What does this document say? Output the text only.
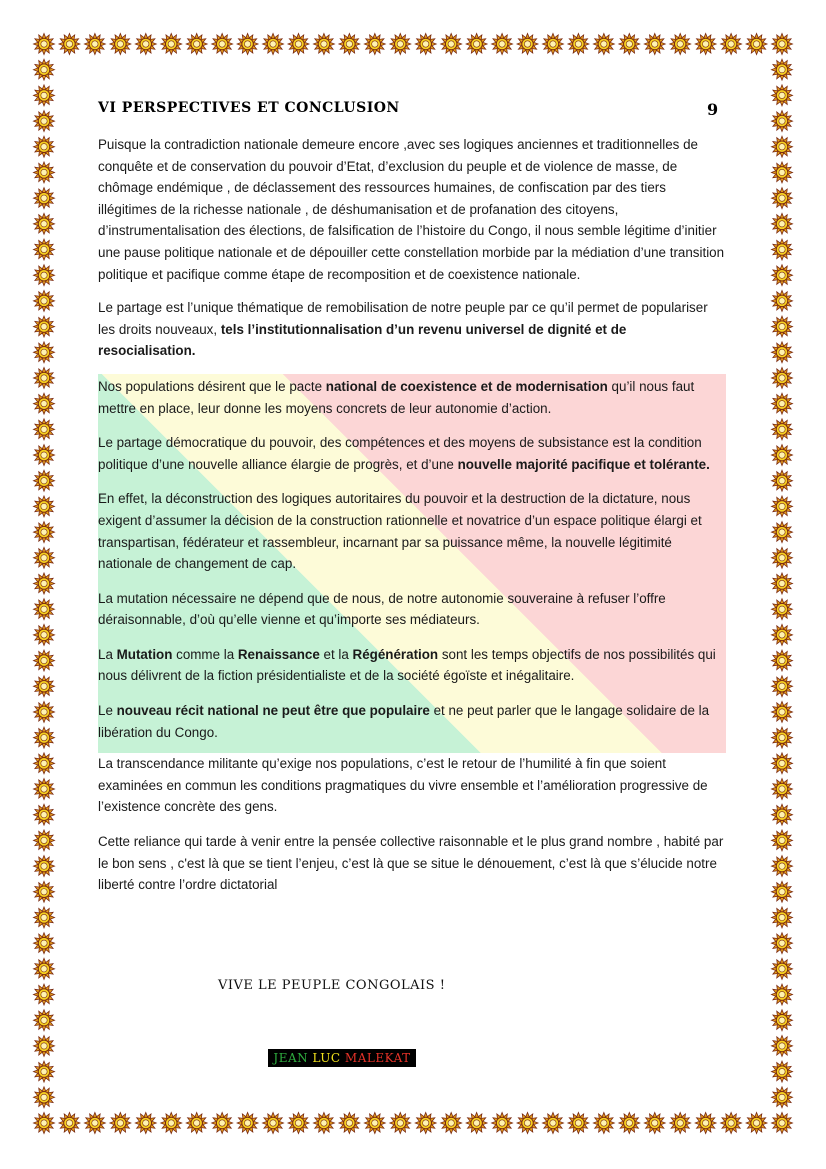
VI PERSPECTIVES ET CONCLUSION	9

Puisque la contradiction nationale demeure encore ,avec ses logiques anciennes et traditionnelles de conquête et de conservation du pouvoir d’Etat, d’exclusion du peuple et de violence de masse, de chômage endémique , de déclassement des ressources humaines, de confiscation par des tiers illégitimes de la richesse nationale , de déshumanisation et de profanation des citoyens, d’instrumentalisation des élections, de falsification de l’histoire du Congo, il nous semble légitime d’initier une pause politique nationale et de dépouiller cette constellation morbide par la médiation d’une transition politique et pacifique comme étape de recomposition et de coexistence nationale.

Le partage est l’unique thématique de remobilisation de notre peuple par ce qu’il permet de populariser les droits nouveaux, tels l’institutionnalisation d’un revenu universel de dignité et de resocialisation.

Nos populations désirent que le pacte national de coexistence et de modernisation qu’il nous faut mettre en place, leur donne les moyens concrets de leur autonomie d’action.

Le partage démocratique du pouvoir, des compétences et des moyens de subsistance est la condition politique d’une nouvelle alliance élargie de progrès, et d’une nouvelle majorité pacifique et tolérante.

En effet, la déconstruction des logiques autoritaires du pouvoir et la destruction de la dictature, nous exigent d’assumer la décision de la construction rationnelle et novatrice d’un espace politique élargi et transpartisan, fédérateur et rassembleur, incarnant par sa puissance même, la nouvelle légitimité nationale de changement de cap.

La mutation nécessaire ne dépend que de nous, de notre autonomie souveraine à refuser l’offre déraisonnable, d’où qu’elle vienne et qu’importe ses médiateurs.

La Mutation comme la Renaissance et la Régénération sont les temps objectifs de nos possibilités qui nous délivrent de la fiction présidentialiste et de la société égoïste et inégalitaire.

Le nouveau récit national ne peut être que populaire et ne peut parler que le langage solidaire de la libération du Congo.

La transcendance militante qu’exige nos populations, c’est le retour de l’humilité à fin que soient examinées en commun les conditions pragmatiques du vivre ensemble et l’amélioration progressive de l’existence concrète des gens.

Cette reliance qui tarde à venir entre la pensée collective raisonnable et le plus grand nombre , habité par le bon sens , c'est là que se tient l’enjeu, c’est là que se situe le dénouement, c’est là que s’élucide notre liberté contre l’ordre dictatorial

VIVE LE PEUPLE CONGOLAIS !
JEAN LUC MALEKAT
